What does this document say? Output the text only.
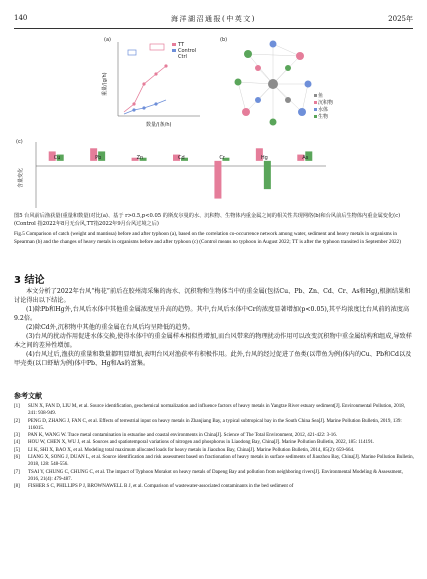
140	海洋湖沼通报(中英文)	2025年
(a)
重量/(g/h)
TT
Control
Ctrl
数量/(条/h)
(b)
鱼
沉积物
水体
生物
(c)
含量变化
Cu	Pb	Zn	Cd	Cr	Hg	As
图5 台风前后渔获量(重量和数量)对比(a)、基于 r>0.5,p<0.05 的斯皮尔曼的水、沉积物、生物体内重金属之间的相关性共现网络(b)和台风前后生物体内重金属变化(c)(Control 指2022年8月无台风,TT指2022年9月台风过境之后)
Fig.5 Comparison of catch (weight and mantissa) before and after typhoon (a), based on the correlation co-occurrence network among water, sediment and heavy metals in organisms in Spearman (b) and the changes of heavy metals in organisms before and after typhoon (c) (Control means no typhoon in August 2022; TT is after the typhoon transited in September 2022)
3 结论
本文分析了2022年台风“梅花”前后在胶州湾采集的海水、沉积物和生物体当中的重金属(包括Cu、Pb、Zn、Cd、Cr、As和Hg),根据结果和讨论得出以下结论。
(1)除Pb和Hg外,台风后水体中其他重金属浓度呈升高的趋势。其中,台风后水体中Cr的浓度显著增加(p<0.05),其平均浓度比台风前的浓度高9.2倍。
(2)除Cd外,沉积物中其他的重金属在台风后均呈降低的趋势。
(3)台风的扰动作用促进水体交换,使得水体中的重金属样本相似性增加,而台风带来的物理扰动作用可以改变沉积物中重金属结构和组成,导致样本之间的差异性增加。
(4)台风过后,渔获的重量和数量都明显增加,表明台风对渔获率有积极作用。此外,台风的经过促进了鱼类(以带鱼为例)体内的Cu、Pb和Cd以及甲壳类(以口虾蛄为例)体中Pb、Hg和As的富集。
参考文献
[1]	SUN X, FAN D, LIU M, et al. Source identification, geochemical normalization and influence factors of heavy metals in Yangtze River estuary sediment[J]. Environmental Pollution, 2018, 241: 938-949.
[2]	PENG D, ZHANG J, FAN C, et al. Effects of terrestrial input on heavy metals in Zhanjiang Bay, a typical subtropical bay in the South China Sea[J]. Marine Pollution Bulletin, 2019, 139: 116015.
[3]	PAN K, WANG W. Trace metal contamination in estuarine and coastal environments in China[J]. Science of The Total Environment, 2012, 421-422: 3-16.
[4]	HOU W, CHEN X, WU J, et al. Sources and spatiotemporal variations of nitrogen and phosphorus in Liaodong Bay, China[J]. Marine Pollution Bulletin, 2022, 185: 114191.
[5]	LI K, SHI X, BAO X, et al. Modeling total maximum allocated loads for heavy metals in Jiaozhou Bay, China[J]. Marine Pollution Bulletin, 2014, 85(2): 659-664.
[6]	LIANG X, SONG J, DUAN L, et al. Source identification and risk assessment based on fractionation of heavy metals in surface sediments of Jiaozhou Bay, China[J]. Marine Pollution Bulletin, 2018, 128: 548-556.
[7]	TSAI Y, CHUNG C, CHUNG C, et al. The impact of Typhoon Morakot on heavy metals of Dapeng Bay and pollution from neighboring rivers[J]. Environmental Modeling & Assessment, 2016, 21(4): 479-487.
[8]	FISHER S C, PHILLIPS P J, BROWNAWELL B J, et al. Comparison of wastewater-associated contaminants in the bed sediment of
